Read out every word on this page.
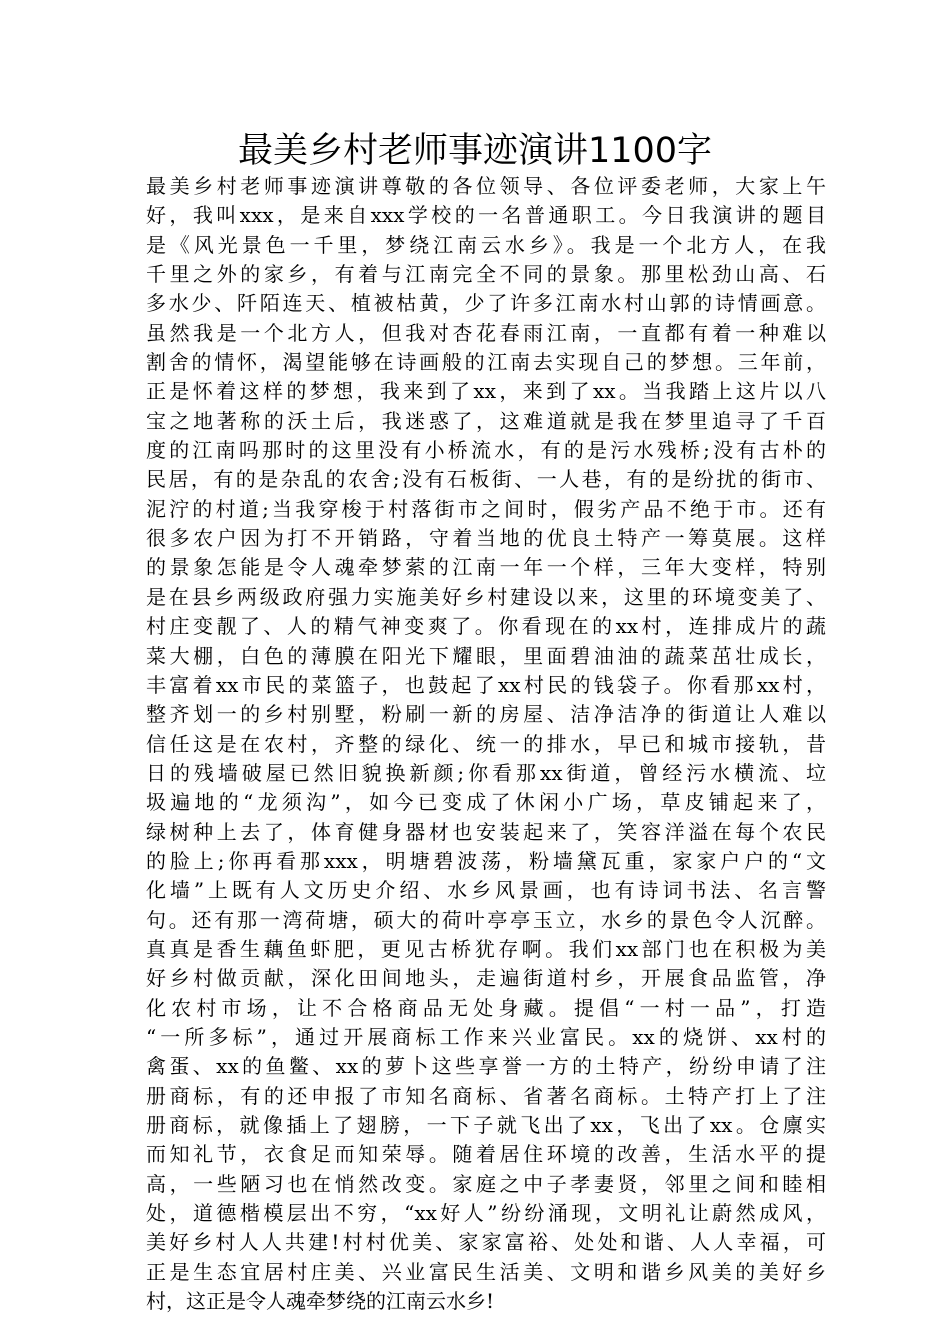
最美乡村老师事迹演讲1100字
最美乡村老师事迹演讲尊敬的各位领导、各位评委老师，大家上午
好，我叫xxx，是来自xxx学校的一名普通职工。今日我演讲的题目
是《风光景色一千里，梦绕江南云水乡》。我是一个北方人，在我
千里之外的家乡，有着与江南完全不同的景象。那里松劲山高、石
多水少、阡陌连天、植被枯黄，少了许多江南水村山郭的诗情画意。
虽然我是一个北方人，但我对杏花春雨江南，一直都有着一种难以
割舍的情怀，渴望能够在诗画般的江南去实现自己的梦想。三年前，
正是怀着这样的梦想，我来到了xx，来到了xx。当我踏上这片以八
宝之地著称的沃土后，我迷惑了，这难道就是我在梦里追寻了千百
度的江南吗那时的这里没有小桥流水，有的是污水残桥;没有古朴的
民居，有的是杂乱的农舍;没有石板街、一人巷，有的是纷扰的街市、
泥泞的村道;当我穿梭于村落街市之间时，假劣产品不绝于市。还有
很多农户因为打不开销路，守着当地的优良土特产一筹莫展。这样
的景象怎能是令人魂牵梦萦的江南一年一个样，三年大变样，特别
是在县乡两级政府强力实施美好乡村建设以来，这里的环境变美了、
村庄变靓了、人的精气神变爽了。你看现在的xx村，连排成片的蔬
菜大棚，白色的薄膜在阳光下耀眼，里面碧油油的蔬菜茁壮成长，
丰富着xx市民的菜篮子，也鼓起了xx村民的钱袋子。你看那xx村，
整齐划一的乡村别墅，粉刷一新的房屋、洁净洁净的街道让人难以
信任这是在农村，齐整的绿化、统一的排水，早已和城市接轨，昔
日的残墙破屋已然旧貌换新颜;你看那xx街道，曾经污水横流、垃
圾遍地的“龙须沟”，如今已变成了休闲小广场，草皮铺起来了，
绿树种上去了，体育健身器材也安装起来了，笑容洋溢在每个农民
的脸上;你再看那xxx，明塘碧波荡，粉墙黛瓦重，家家户户的“文
化墙”上既有人文历史介绍、水乡风景画，也有诗词书法、名言警
句。还有那一湾荷塘，硕大的荷叶亭亭玉立，水乡的景色令人沉醉。
真真是香生藕鱼虾肥，更见古桥犹存啊。我们xx部门也在积极为美
好乡村做贡献，深化田间地头，走遍街道村乡，开展食品监管，净
化农村市场，让不合格商品无处身藏。提倡“一村一品”，打造
“一所多标”，通过开展商标工作来兴业富民。xx的烧饼、xx村的
禽蛋、xx的鱼鳖、xx的萝卜这些享誉一方的土特产，纷纷申请了注
册商标，有的还申报了市知名商标、省著名商标。土特产打上了注
册商标，就像插上了翅膀，一下子就飞出了xx，飞出了xx。仓廪实
而知礼节，衣食足而知荣辱。随着居住环境的改善，生活水平的提
高，一些陋习也在悄然改变。家庭之中子孝妻贤，邻里之间和睦相
处，道德楷模层出不穷，“xx好人”纷纷涌现，文明礼让蔚然成风，
美好乡村人人共建!村村优美、家家富裕、处处和谐、人人幸福，可
正是生态宜居村庄美、兴业富民生活美、文明和谐乡风美的美好乡
村，这正是令人魂牵梦绕的江南云水乡!
